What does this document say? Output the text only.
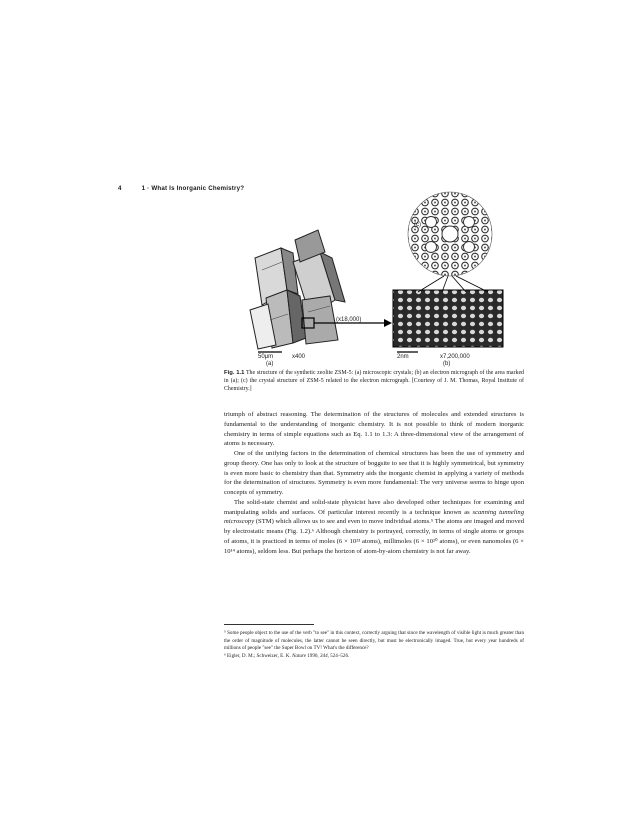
4	1 · What Is Inorganic Chemistry?
(c)
(x18,000)
50μm	x400	2nm	x7,200,000
(a)	(b)
Fig. 1.1 The structure of the synthetic zeolite ZSM-5: (a) microscopic crystals; (b) an electron micrograph of the area marked in (a); (c) the crystal structure of ZSM-5 related to the electron micrograph. [Courtesy of J. M. Thomas, Royal Institute of Chemistry.]

triumph of abstract reasoning. The determination of the structures of molecules and extended structures is fundamental to the understanding of inorganic chemistry. It is not possible to think of modern inorganic chemistry in terms of simple equations such as Eq. 1.1 to 1.3: A three-dimensional view of the arrangement of atoms is necessary.

One of the unifying factors in the determination of chemical structures has been the use of symmetry and group theory. One has only to look at the structure of boggsite to see that it is highly symmetrical, but symmetry is even more basic to chemistry than that. Symmetry aids the inorganic chemist in applying a variety of methods for the determination of structures. Symmetry is even more fundamental: The very universe seems to hinge upon concepts of symmetry.

The solid-state chemist and solid-state physicist have also developed other techniques for examining and manipulating solids and surfaces. Of particular interest recently is a technique known as scanning tunneling microscopy (STM) which allows us to see and even to move individual atoms.⁵ The atoms are imaged and moved by electrostatic means (Fig. 1.2).⁶ Although chemistry is portrayed, correctly, in terms of single atoms or groups of atoms, it is practiced in terms of moles (6 × 10²³ atoms), millimoles (6 × 10²⁰ atoms), or even nanomoles (6 × 10¹⁴ atoms), seldom less. But perhaps the horizon of atom-by-atom chemistry is not far away.

⁵ Some people object to the use of the verb "to see" in this context, correctly arguing that since the wavelength of visible light is much greater than the order of magnitude of molecules, the latter cannot be seen directly, but must be electronically imaged. True, but every year hundreds of millions of people "see" the Super Bowl on TV! What's the difference?

⁶ Eigler, D. M.; Schweizer, E. K. Nature 1990, 344, 524–526.
